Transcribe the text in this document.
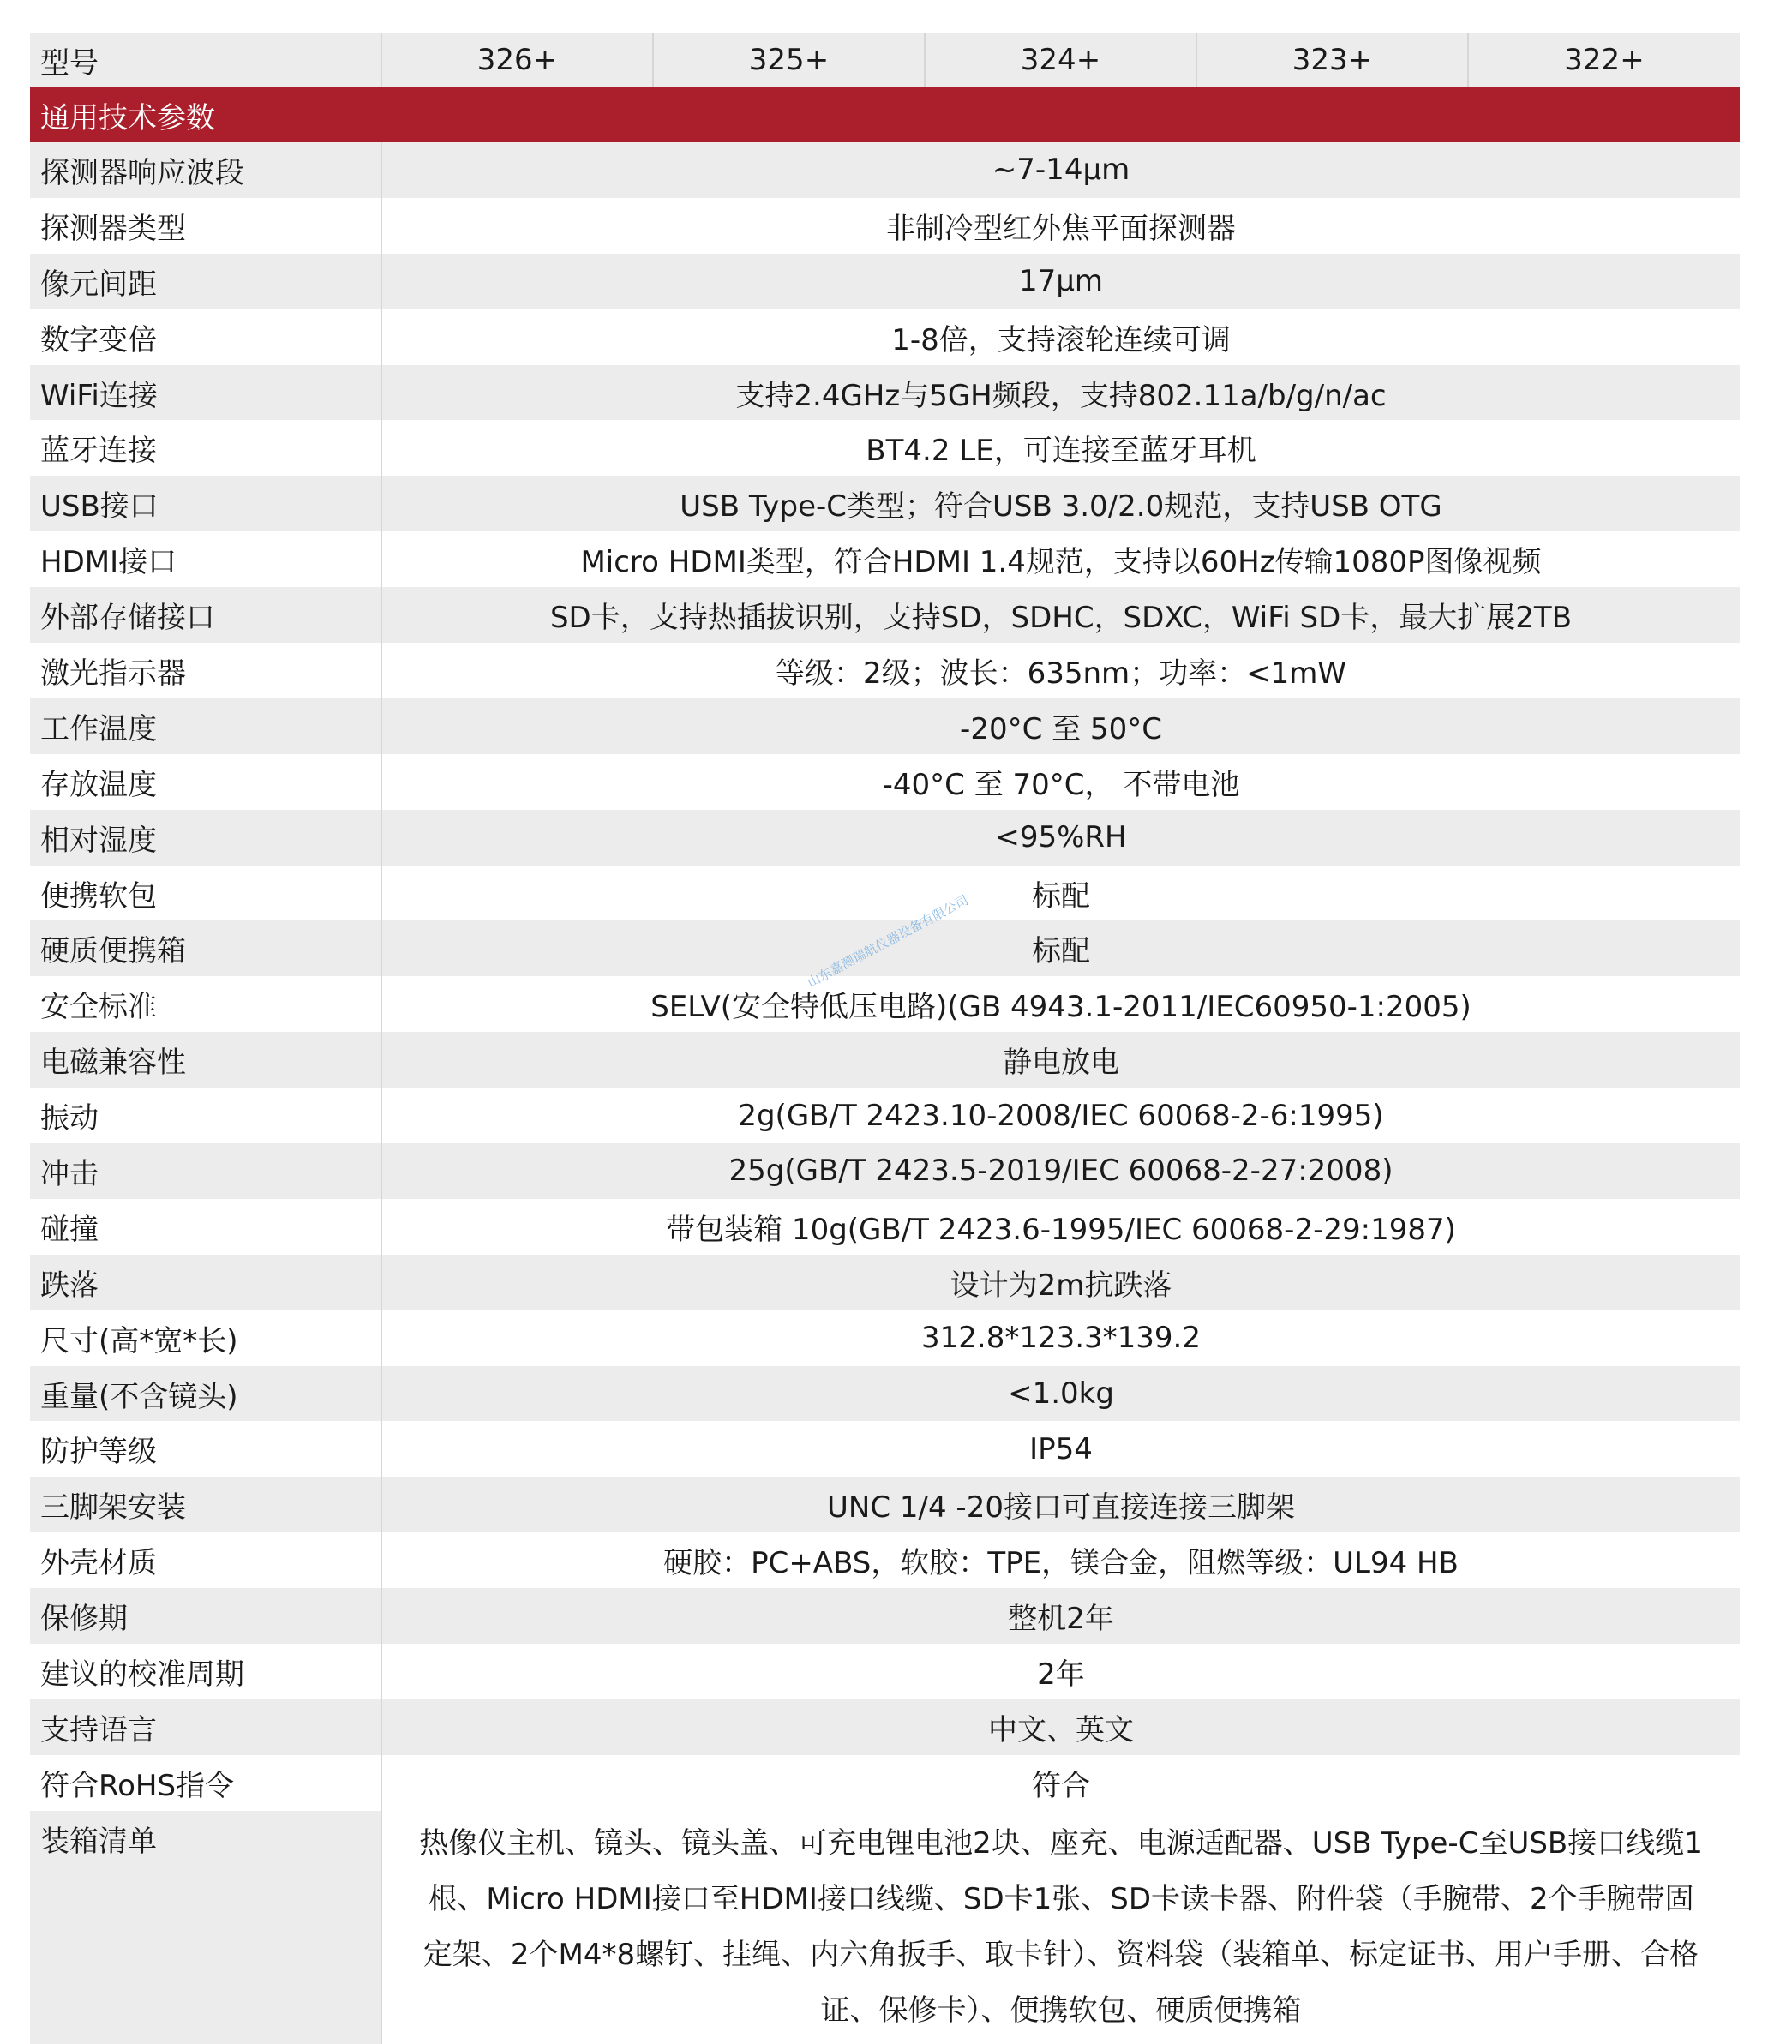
型号	326+	325+	324+	323+	322+
通用技术参数					
探测器响应波段	~7-14μm				
探测器类型	非制冷型红外焦平面探测器				
像元间距	17μm				
数字变倍	1-8倍，支持滚轮连续可调				
WiFi连接	支持2.4GHz与5GH频段，支持802.11a/b/g/n/ac				
蓝牙连接	BT4.2 LE，可连接至蓝牙耳机				
USB接口	USB Type-C类型；符合USB 3.0/2.0规范，支持USB OTG				
HDMI接口	Micro HDMI类型，符合HDMI 1.4规范，支持以60Hz传输1080P图像视频				
外部存储接口	SD卡，支持热插拔识别，支持SD，SDHC，SDXC，WiFi SD卡，最大扩展2TB				
激光指示器	等级：2级；波长：635nm；功率：<1mW				
工作温度	-20°C 至 50°C				
存放温度	-40°C 至 70°C， 不带电池				
相对湿度	<95%RH				
便携软包	标配				
硬质便携箱	标配				
安全标准	SELV(安全特低压电路)(GB 4943.1-2011/IEC60950-1:2005)				
电磁兼容性	静电放电				
振动	2g(GB/T 2423.10-2008/IEC 60068-2-6:1995)				
冲击	25g(GB/T 2423.5-2019/IEC 60068-2-27:2008)				
碰撞	带包装箱 10g(GB/T 2423.6-1995/IEC 60068-2-29:1987)				
跌落	设计为2m抗跌落				
尺寸(高*宽*长)	312.8*123.3*139.2				
重量(不含镜头)	<1.0kg				
防护等级	IP54				
三脚架安装	UNC 1/4 -20接口可直接连接三脚架				
外壳材质	硬胶：PC+ABS，软胶：TPE，镁合金，阻燃等级：UL94 HB				
保修期	整机2年				
建议的校准周期	2年				
支持语言	中文、英文				
符合RoHS指令	符合				
装箱清单	热像仪主机、镜头、镜头盖、可充电锂电池2块、座充、电源适配器、USB Type-C至USB接口线缆1根、Micro HDMI接口至HDMI接口线缆、SD卡1张、SD卡读卡器、附件袋（手腕带、2个手腕带固定架、2个M4*8螺钉、挂绳、内六角扳手、取卡针）、资料袋（装箱单、标定证书、用户手册、合格证、保修卡）、便携软包、硬质便携箱				
山东嘉测瑞航仪器设备有限公司
